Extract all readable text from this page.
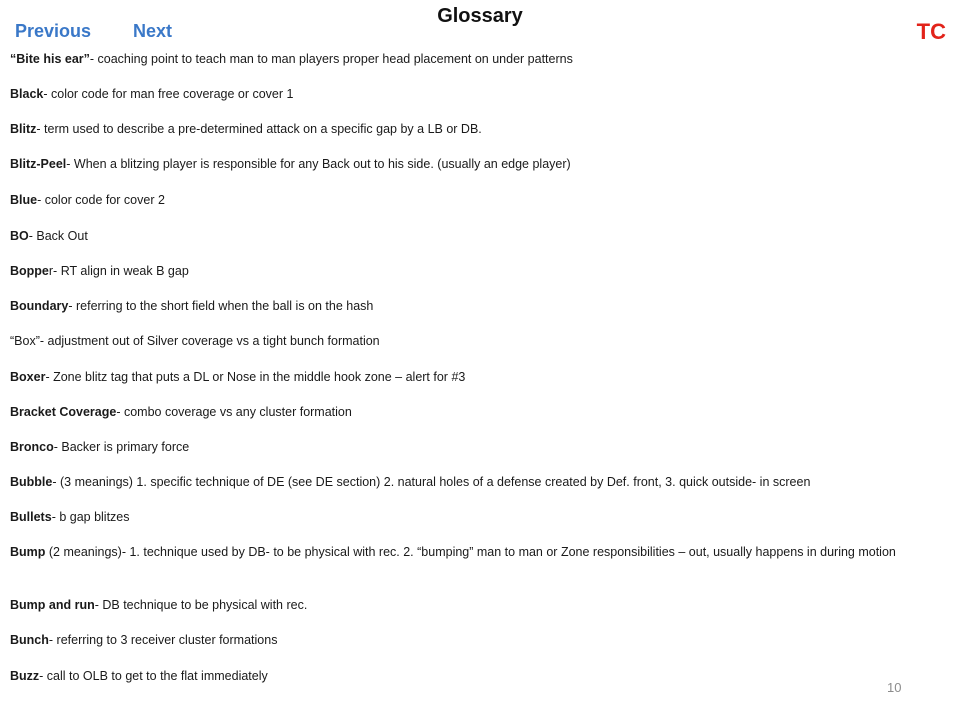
Previous Next
Glossary
TC

“Bite his ear”- coaching point to teach man to man players proper head placement on under patterns

Black- color code for man free coverage or cover 1

Blitz- term used to describe a pre-determined attack on a specific gap by a LB or DB.

Blitz-Peel- When a blitzing player is responsible for any Back out to his side. (usually an edge player)

Blue- color code for cover 2

BO- Back Out

Bopper- RT align in weak B gap

Boundary- referring to the short field when the ball is on the hash

“Box”- adjustment out of Silver coverage vs a tight bunch formation

Boxer- Zone blitz tag that puts a DL or Nose in the middle hook zone – alert for #3

Bracket Coverage- combo coverage vs any cluster formation

Bronco- Backer is primary force

Bubble- (3 meanings) 1. specific technique of DE (see DE section) 2. natural holes of a defense created by Def. front, 3. quick outside- in screen

Bullets- b gap blitzes

Bump (2 meanings)- 1. technique used by DB- to be physical with rec. 2. “bumping” man to man or Zone responsibilities – out, usually happens in during motion

Bump and run- DB technique to be physical with rec.

Bunch- referring to 3 receiver cluster formations

Buzz- call to OLB to get to the flat immediately

10
